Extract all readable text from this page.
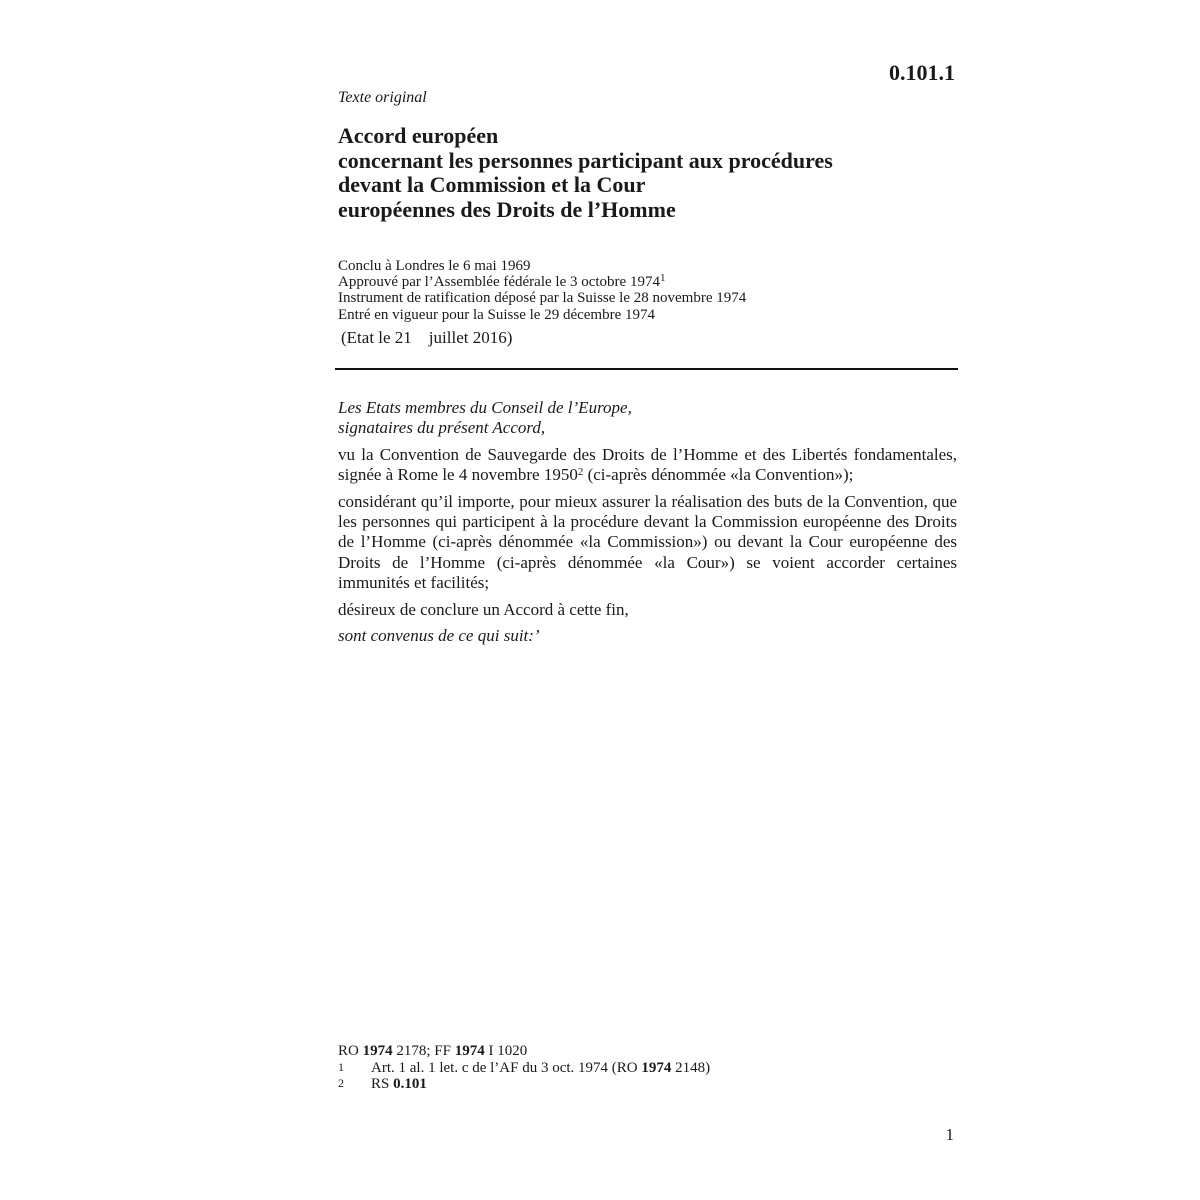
0.101.1
Texte original
Accord européen
concernant les personnes participant aux procédures
devant la Commission et la Cour
européennes des Droits de l’Homme
Conclu à Londres le 6 mai 1969
Approuvé par l’Assemblée fédérale le 3 octobre 1974$^1$
Instrument de ratification déposé par la Suisse le 28 novembre 1974
Entré en vigueur pour la Suisse le 29 décembre 1974
(Etat le 21    juillet 2016)
Les Etats membres du Conseil de l’Europe,
signataires du présent Accord,
vu la Convention de Sauvegarde des Droits de l’Homme et des Libertés fondamentales, signée à Rome le 4 novembre 1950$^2$ (ci-après dénommée «la Convention»);
considérant qu’il importe, pour mieux assurer la réalisation des buts de la Convention, que les personnes qui participent à la procédure devant la Commission européenne des Droits de l’Homme (ci-après dénommée «la Commission») ou devant la Cour européenne des Droits de l’Homme (ci-après dénommée «la Cour») se voient accorder certaines immunités et facilités;
désireux de conclure un Accord à cette fin,
sont convenus de ce qui suit:’
RO 1974 2178; FF 1974 I 1020
1	Art. 1 al. 1 let. c de l’AF du 3 oct. 1974 (RO 1974 2148)
2	RS 0.101
1
